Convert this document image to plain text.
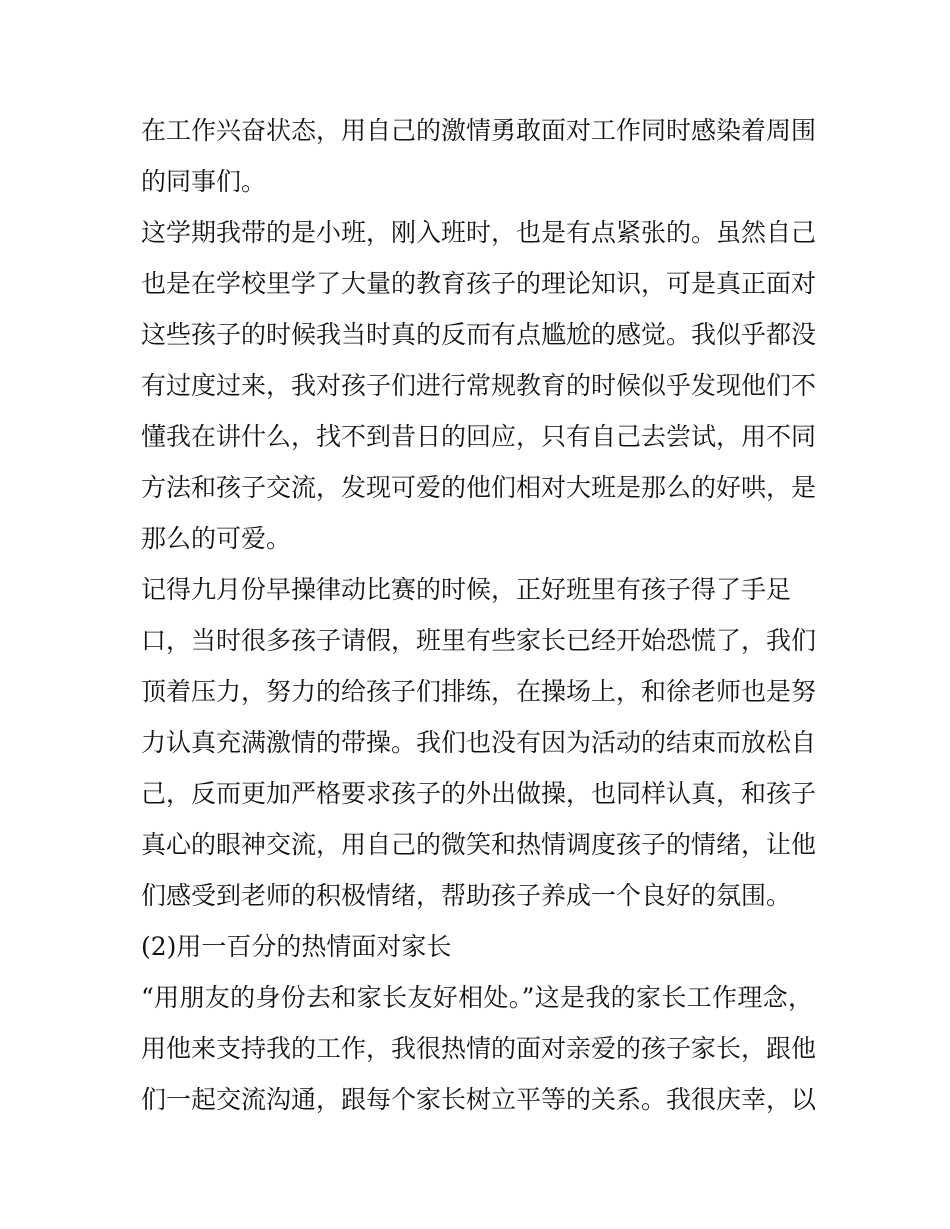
在工作兴奋状态，用自己的激情勇敢面对工作同时感染着周围
的同事们。
这学期我带的是小班，刚入班时，也是有点紧张的。虽然自己
也是在学校里学了大量的教育孩子的理论知识，可是真正面对
这些孩子的时候我当时真的反而有点尴尬的感觉。我似乎都没
有过度过来，我对孩子们进行常规教育的时候似乎发现他们不
懂我在讲什么，找不到昔日的回应，只有自己去尝试，用不同
方法和孩子交流，发现可爱的他们相对大班是那么的好哄，是
那么的可爱。
记得九月份早操律动比赛的时候，正好班里有孩子得了手足
口，当时很多孩子请假，班里有些家长已经开始恐慌了，我们
顶着压力，努力的给孩子们排练，在操场上，和徐老师也是努
力认真充满激情的带操。我们也没有因为活动的结束而放松自
己，反而更加严格要求孩子的外出做操，也同样认真，和孩子
真心的眼神交流，用自己的微笑和热情调度孩子的情绪，让他
们感受到老师的积极情绪，帮助孩子养成一个良好的氛围。
(2)用一百分的热情面对家长
“用朋友的身份去和家长友好相处。”这是我的家长工作理念，
用他来支持我的工作，我很热情的面对亲爱的孩子家长，跟他
们一起交流沟通，跟每个家长树立平等的关系。我很庆幸，以
